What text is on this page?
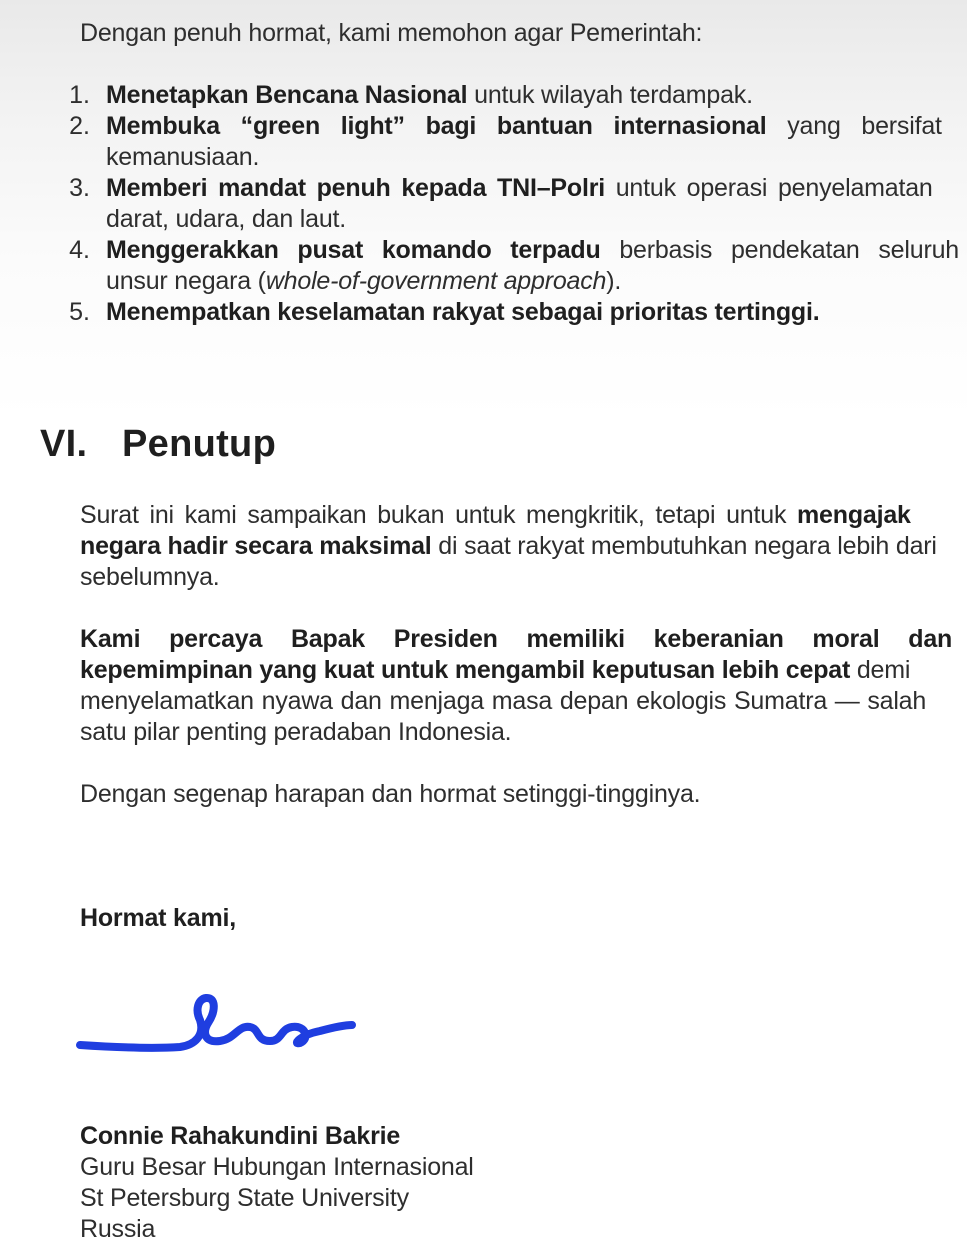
Dengan penuh hormat, kami memohon agar Pemerintah:
1. Menetapkan Bencana Nasional untuk wilayah terdampak.
2. Membuka “green light” bagi bantuan internasional yang bersifat
kemanusiaan.
3. Memberi mandat penuh kepada TNI–Polri untuk operasi penyelamatan
darat, udara, dan laut.
4. Menggerakkan pusat komando terpadu berbasis pendekatan seluruh
unsur negara (whole-of-government approach).
5. Menempatkan keselamatan rakyat sebagai prioritas tertinggi.
VI. Penutup
Surat ini kami sampaikan bukan untuk mengkritik, tetapi untuk mengajak
negara hadir secara maksimal di saat rakyat membutuhkan negara lebih dari
sebelumnya.
Kami percaya Bapak Presiden memiliki keberanian moral dan
kepemimpinan yang kuat untuk mengambil keputusan lebih cepat demi
menyelamatkan nyawa dan menjaga masa depan ekologis Sumatra — salah
satu pilar penting peradaban Indonesia.
Dengan segenap harapan dan hormat setinggi-tingginya.
Hormat kami,
Connie Rahakundini Bakrie
Guru Besar Hubungan Internasional
St Petersburg State University
Russia
